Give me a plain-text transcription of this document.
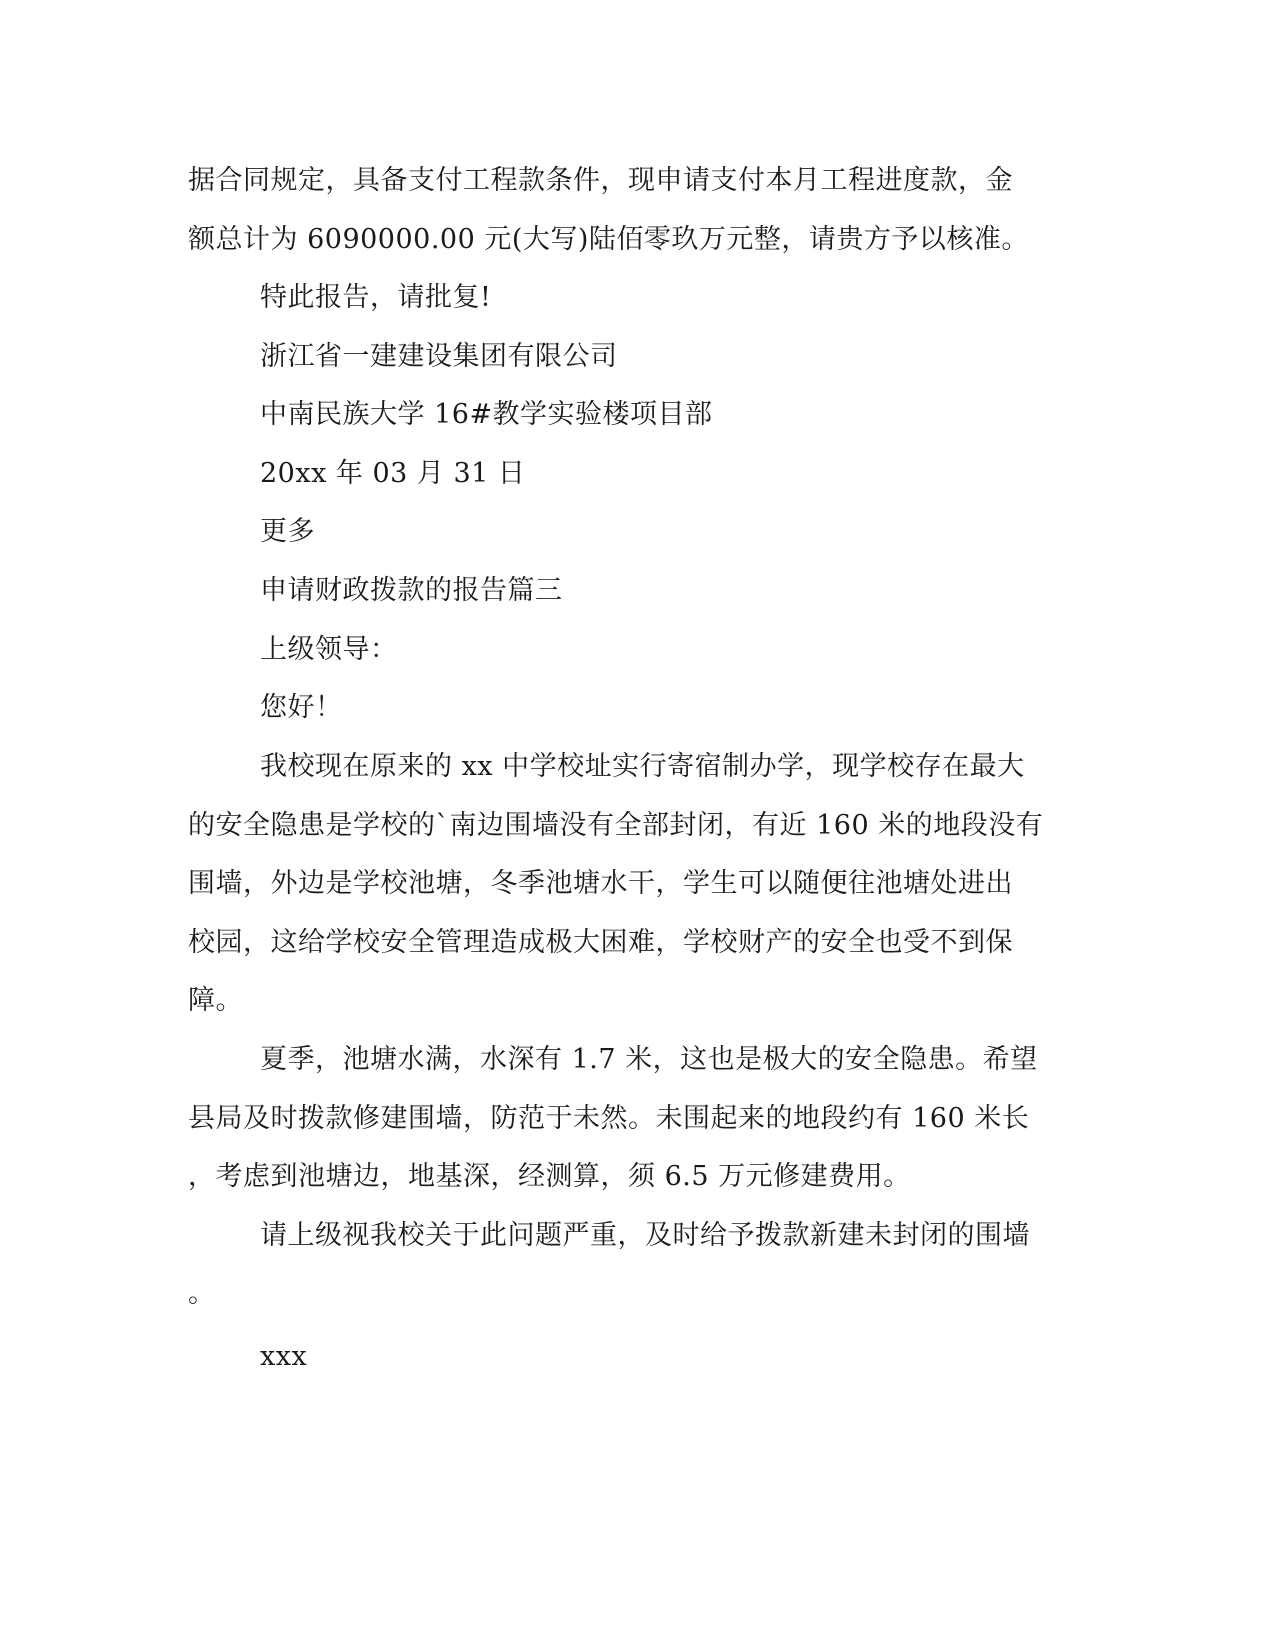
据合同规定，具备支付工程款条件，现申请支付本月工程进度款，金
额总计为 6090000.00 元(大写)陆佰零玖万元整，请贵方予以核准。
特此报告，请批复!
浙江省一建建设集团有限公司
中南民族大学 16#教学实验楼项目部
20xx 年 03 月 31 日
更多
申请财政拨款的报告篇三
上级领导：
您好！
我校现在原来的 xx 中学校址实行寄宿制办学，现学校存在最大
的安全隐患是学校的`南边围墙没有全部封闭，有近 160 米的地段没有
围墙，外边是学校池塘，冬季池塘水干，学生可以随便往池塘处进出
校园，这给学校安全管理造成极大困难，学校财产的安全也受不到保
障。
夏季，池塘水满，水深有 1.7 米，这也是极大的安全隐患。希望
县局及时拨款修建围墙，防范于未然。未围起来的地段约有 160 米长
，考虑到池塘边，地基深，经测算，须 6.5 万元修建费用。
请上级视我校关于此问题严重，及时给予拨款新建未封闭的围墙
。
xxx
